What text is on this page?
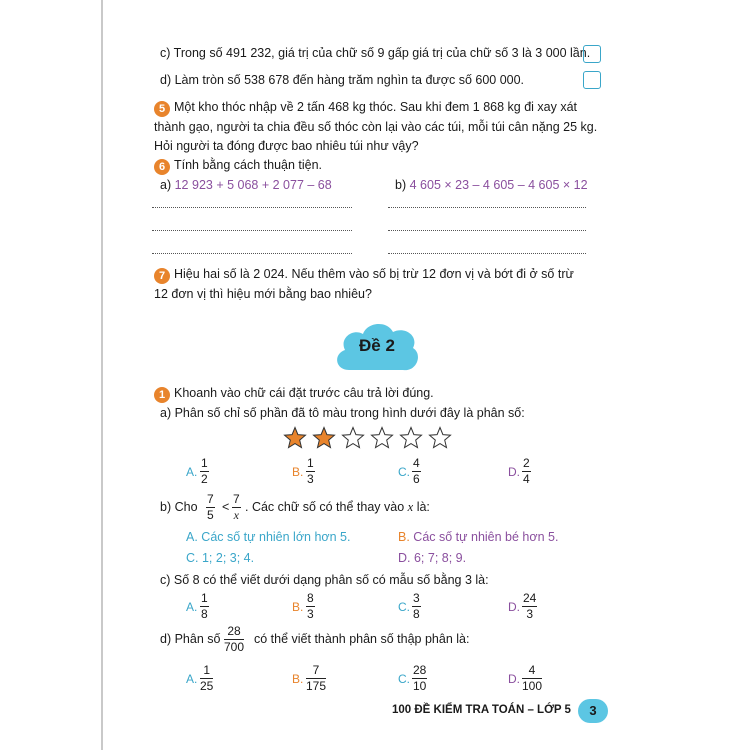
c) Trong số 491 232, giá trị của chữ số 9 gấp giá trị của chữ số 3 là 3 000 lần.
d) Làm tròn số 538 678 đến hàng trăm nghìn ta được số 600 000.
5 Một kho thóc nhập về 2 tấn 468 kg thóc. Sau khi đem 1 868 kg đi xay xát
thành gạo, người ta chia đều số thóc còn lại vào các túi, mỗi túi cân nặng 25 kg.
Hỏi người ta đóng được bao nhiêu túi như vậy?
6 Tính bằng cách thuận tiện.
a) 12 923 + 5 068 + 2 077 – 68	b) 4 605 × 23 – 4 605 – 4 605 × 12
7 Hiệu hai số là 2 024. Nếu thêm vào số bị trừ 12 đơn vị và bớt đi ở số trừ
12 đơn vị thì hiệu mới bằng bao nhiêu?
Đề 2
1 Khoanh vào chữ cái đặt trước câu trả lời đúng.
a) Phân số chỉ số phần đã tô màu trong hình dưới đây là phân số:
A. $\frac{1}{2}$	B. $\frac{1}{3}$	C. $\frac{4}{6}$	D. $\frac{2}{4}$
b) Cho $\frac{7}{5} < \frac{7}{x}$ . Các chữ số có thể thay vào x là:
A. Các số tự nhiên lớn hơn 5.	B. Các số tự nhiên bé hơn 5.
C. 1; 2; 3; 4.	D. 6; 7; 8; 9.
c) Số 8 có thể viết dưới dạng phân số có mẫu số bằng 3 là:
A. $\frac{1}{8}$	B. $\frac{8}{3}$	C. $\frac{3}{8}$	D. $\frac{24}{3}$
d) Phân số $\frac{28}{700}$ có thể viết thành phân số thập phân là:
A. $\frac{1}{25}$	B. $\frac{7}{175}$	C. $\frac{28}{10}$	D. $\frac{4}{100}$
100 ĐỀ KIỂM TRA TOÁN – LỚP 5	3
